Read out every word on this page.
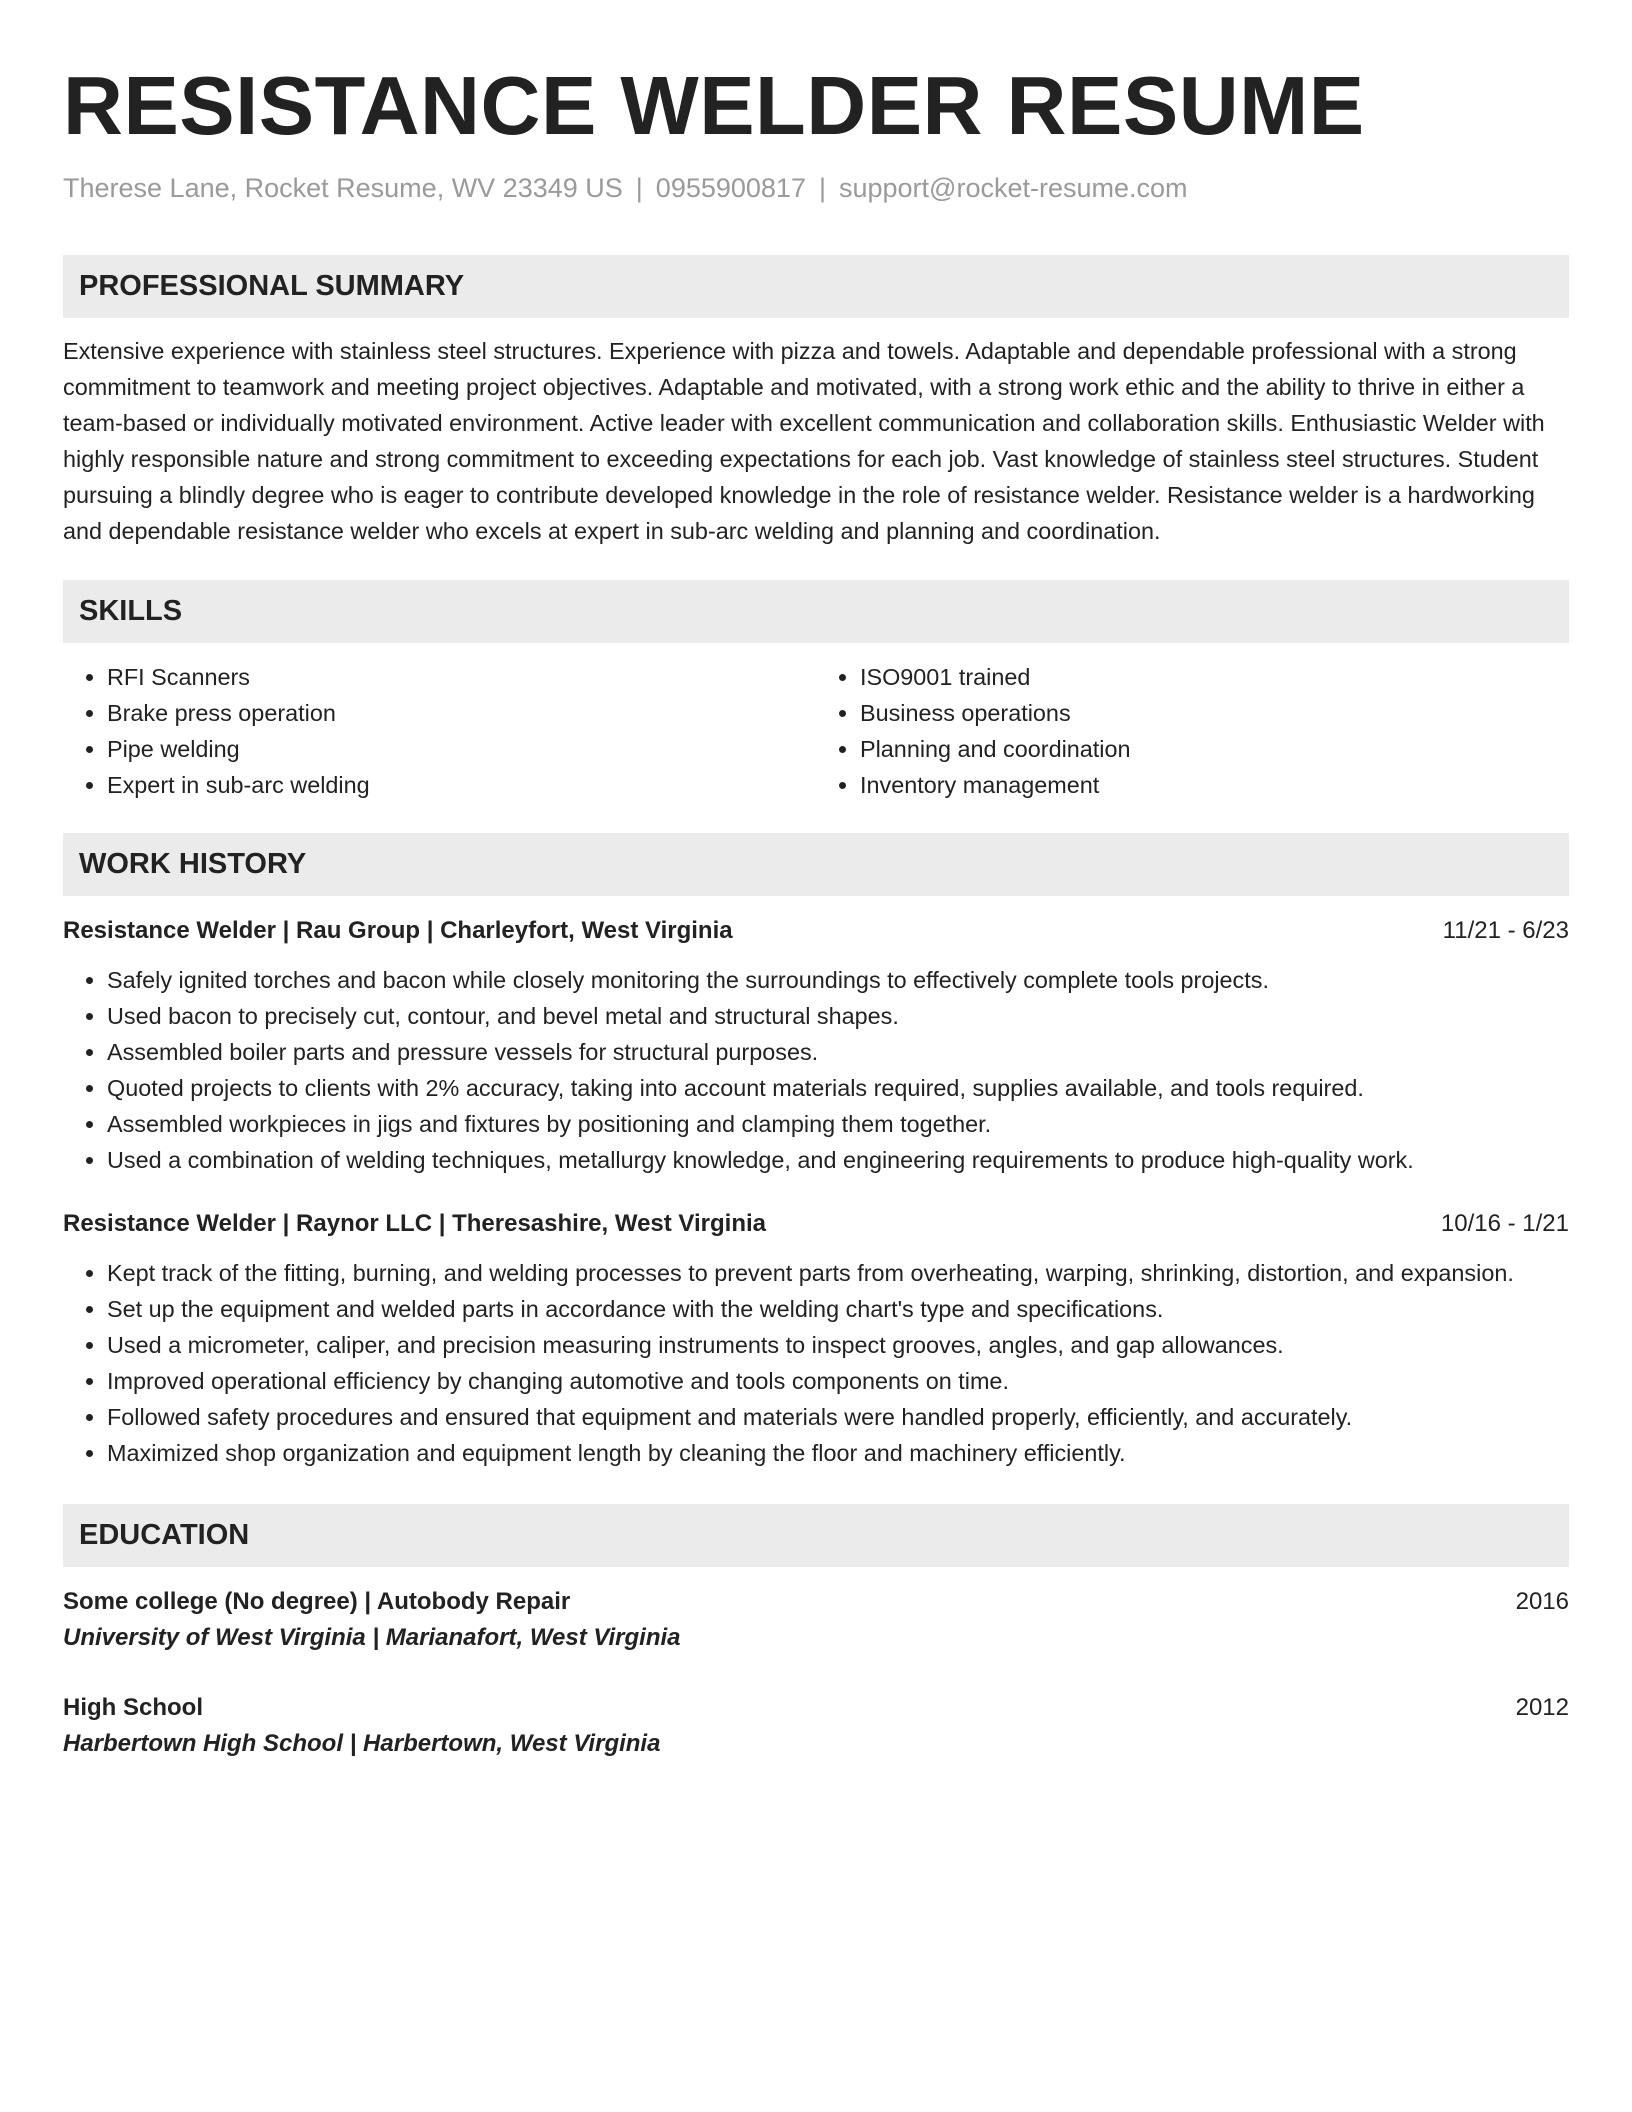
RESISTANCE WELDER RESUME
Therese Lane, Rocket Resume, WV 23349 US | 0955900817 | support@rocket-resume.com
PROFESSIONAL SUMMARY
Extensive experience with stainless steel structures. Experience with pizza and towels. Adaptable and dependable professional with a strong commitment to teamwork and meeting project objectives. Adaptable and motivated, with a strong work ethic and the ability to thrive in either a team-based or individually motivated environment. Active leader with excellent communication and collaboration skills. Enthusiastic Welder with highly responsible nature and strong commitment to exceeding expectations for each job. Vast knowledge of stainless steel structures. Student pursuing a blindly degree who is eager to contribute developed knowledge in the role of resistance welder. Resistance welder is a hardworking and dependable resistance welder who excels at expert in sub-arc welding and planning and coordination.
SKILLS
• RFI Scanners
• Brake press operation
• Pipe welding
• Expert in sub-arc welding
• ISO9001 trained
• Business operations
• Planning and coordination
• Inventory management
WORK HISTORY
Resistance Welder | Rau Group | Charleyfort, West Virginia	11/21 - 6/23
• Safely ignited torches and bacon while closely monitoring the surroundings to effectively complete tools projects.
• Used bacon to precisely cut, contour, and bevel metal and structural shapes.
• Assembled boiler parts and pressure vessels for structural purposes.
• Quoted projects to clients with 2% accuracy, taking into account materials required, supplies available, and tools required.
• Assembled workpieces in jigs and fixtures by positioning and clamping them together.
• Used a combination of welding techniques, metallurgy knowledge, and engineering requirements to produce high-quality work.
Resistance Welder | Raynor LLC | Theresashire, West Virginia	10/16 - 1/21
• Kept track of the fitting, burning, and welding processes to prevent parts from overheating, warping, shrinking, distortion, and expansion.
• Set up the equipment and welded parts in accordance with the welding chart's type and specifications.
• Used a micrometer, caliper, and precision measuring instruments to inspect grooves, angles, and gap allowances.
• Improved operational efficiency by changing automotive and tools components on time.
• Followed safety procedures and ensured that equipment and materials were handled properly, efficiently, and accurately.
• Maximized shop organization and equipment length by cleaning the floor and machinery efficiently.
EDUCATION
Some college (No degree) | Autobody Repair	2016
University of West Virginia | Marianafort, West Virginia
High School	2012
Harbertown High School | Harbertown, West Virginia
